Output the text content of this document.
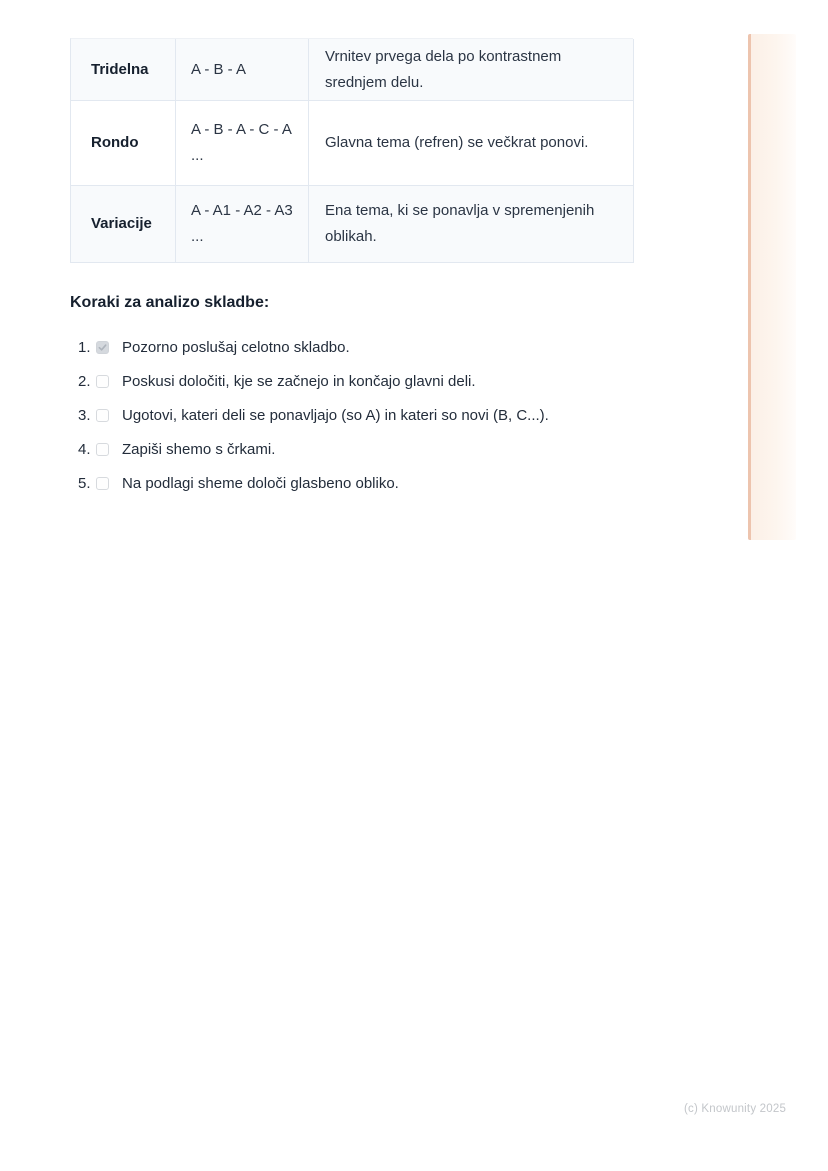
Tridelna	A - B - A
Vrnitev prvega dela po kontrastnem srednjem delu.
Rondo
A - B - A - C - A ...
Glavna tema (refren) se večkrat ponovi.
Variacije
A - A1 - A2 - A3 ...
Ena tema, ki se ponavlja v spremenjenih oblikah.
Koraki za analizo skladbe:
1. Pozorno poslušaj celotno skladbo.
2. Poskusi določiti, kje se začnejo in končajo glavni deli.
3. Ugotovi, kateri deli se ponavljajo (so A) in kateri so novi (B, C...).
4. Zapiši shemo s črkami.
5. Na podlagi sheme določi glasbeno obliko.
(c) Knowunity 2025
